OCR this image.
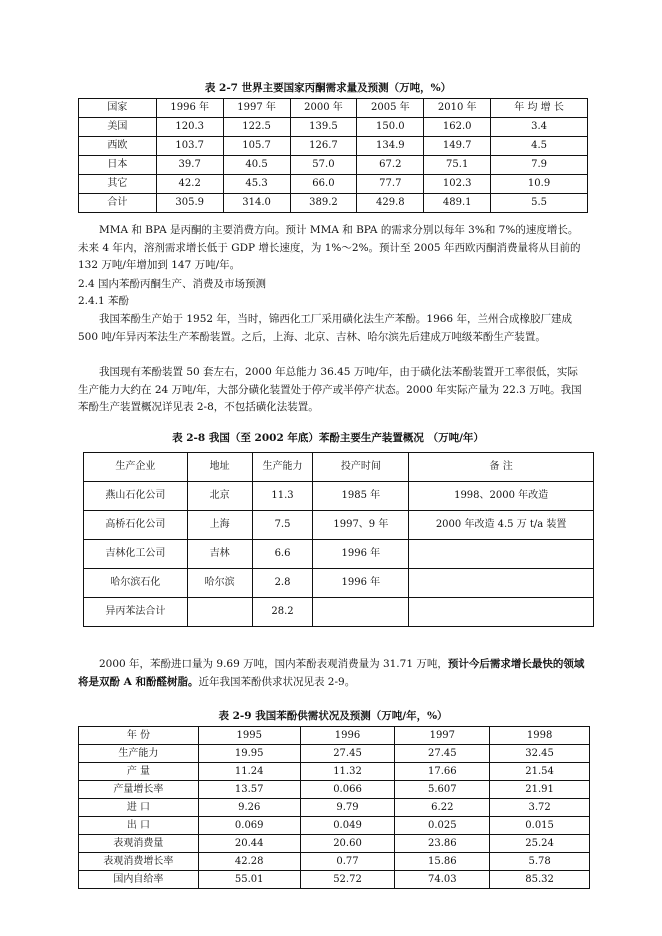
表 2-7 世界主要国家丙酮需求量及预测（万吨，%）
国家	1996 年	1997 年	2000 年	2005 年	2010 年	年 均 增 长
美国	120.3	122.5	139.5	150.0	162.0	3.4
西欧	103.7	105.7	126.7	134.9	149.7	4.5
日本	39.7	40.5	57.0	67.2	75.1	7.9
其它	42.2	45.3	66.0	77.7	102.3	10.9
合计	305.9	314.0	389.2	429.8	489.1	5.5
MMA 和 BPA 是丙酮的主要消费方向。预计 MMA 和 BPA 的需求分别以每年 3%和 7%的速度增长。未来 4 年内，溶剂需求增长低于 GDP 增长速度，为 1%～2%。预计至 2005 年西欧丙酮消费量将从目前的 132 万吨/年增加到 147 万吨/年。
2.4 国内苯酚丙酮生产、消费及市场预测
2.4.1 苯酚
我国苯酚生产始于 1952 年，当时，锦西化工厂采用磺化法生产苯酚。1966 年，兰州合成橡胶厂建成 500 吨/年异丙苯法生产苯酚装置。之后，上海、北京、吉林、哈尔滨先后建成万吨级苯酚生产装置。
我国现有苯酚装置 50 套左右，2000 年总能力 36.45 万吨/年，由于磺化法苯酚装置开工率很低，实际生产能力大约在 24 万吨/年，大部分磺化装置处于停产或半停产状态。2000 年实际产量为 22.3 万吨。我国苯酚生产装置概况详见表 2-8，不包括磺化法装置。
表 2-8 我国（至 2002 年底）苯酚主要生产装置概况 （万吨/年）
生产企业	地址	生产能力	投产时间	备 注
燕山石化公司	北京	11.3	1985 年	1998、2000 年改造
高桥石化公司	上海	7.5	1997、9 年	2000 年改造 4.5 万 t/a 装置
吉林化工公司	吉林	6.6	1996 年	
哈尔滨石化	哈尔滨	2.8	1996 年	
异丙苯法合计		28.2		
2000 年，苯酚进口量为 9.69 万吨，国内苯酚表观消费量为 31.71 万吨，预计今后需求增长最快的领域将是双酚 A 和酚醛树脂。近年我国苯酚供求状况见表 2-9。
表 2-9 我国苯酚供需状况及预测（万吨/年，%）
年 份	1995	1996	1997	1998
生产能力	19.95	27.45	27.45	32.45
产 量	11.24	11.32	17.66	21.54
产量增长率	13.57	0.066	5.607	21.91
进 口	9.26	9.79	6.22	3.72
出 口	0.069	0.049	0.025	0.015
表观消费量	20.44	20.60	23.86	25.24
表观消费增长率	42.28	0.77	15.86	5.78
国内自给率	55.01	52.72	74.03	85.32
